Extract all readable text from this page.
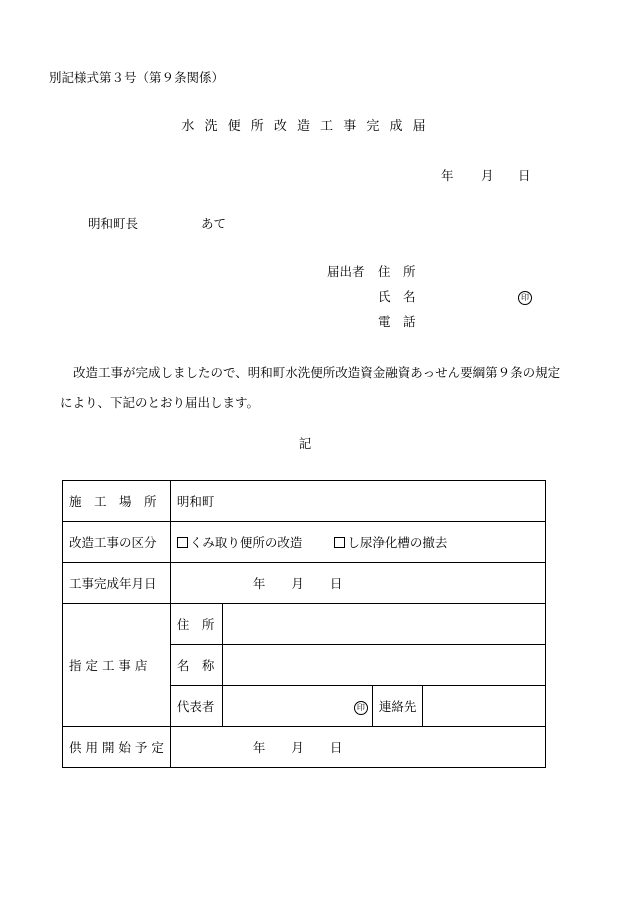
別記様式第３号（第９条関係）
水 洗 便 所 改 造 工 事 完 成 届
年 月 日
明和町長	あて
届出者 住　所
氏　名	印
電　話
改造工事が完成しましたので、明和町水洗便所改造資金融資あっせん要綱第９条の規定により、下記のとおり届出します。
記
施　工　場　所	明和町			
改造工事の区分	くみ取り便所の改造 し尿浄化槽の撤去			
工事完成年月日	年 月 日			
指 定 工 事 店	住　所			
	名　称			
	代表者	印	連絡先	
供 用 開 始 予 定	年 月 日			
